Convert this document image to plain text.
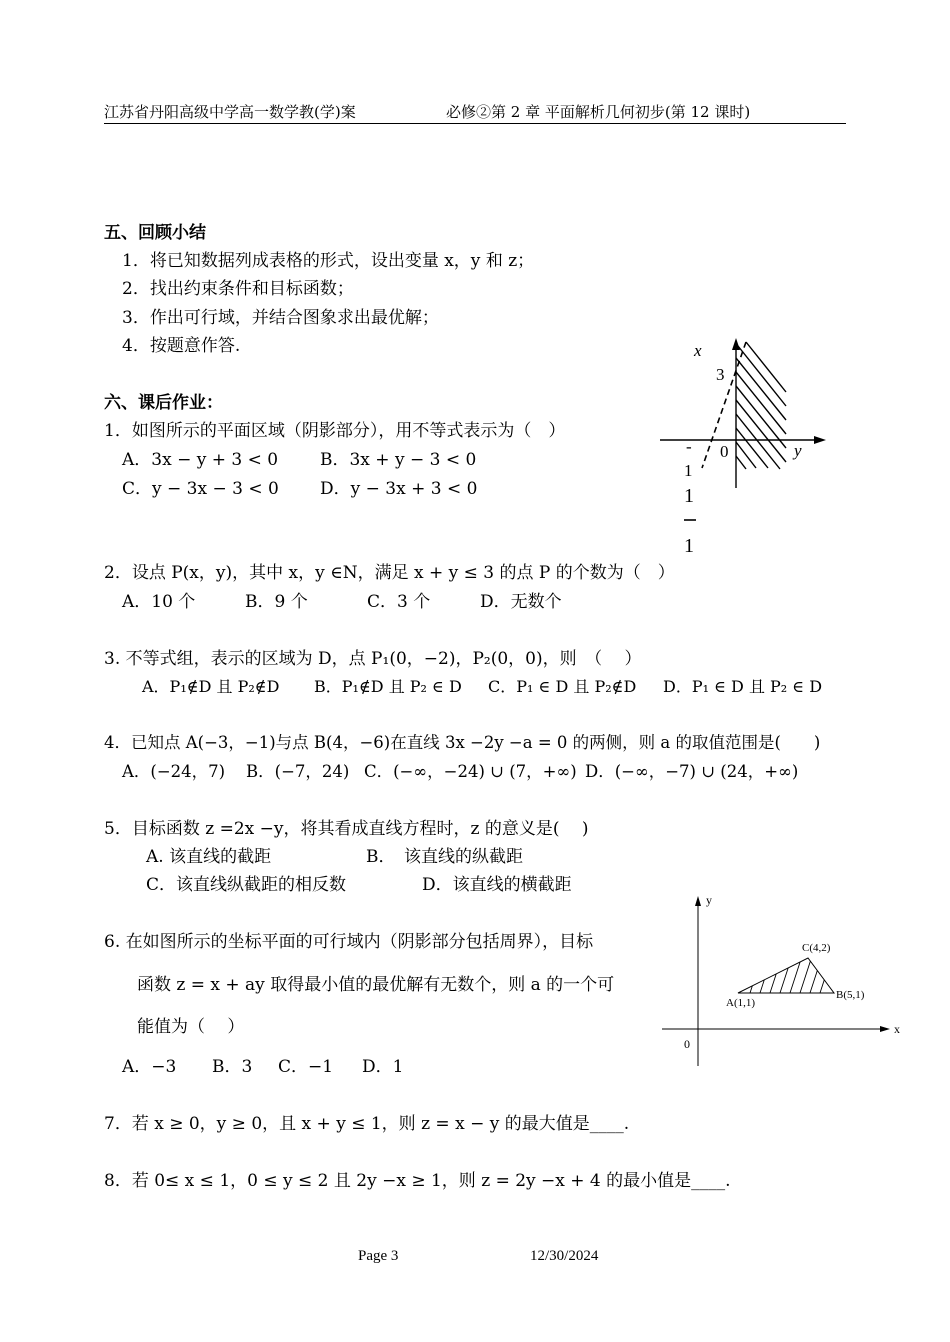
江苏省丹阳高级中学高一数学教(学)案	必修②第 2 章 平面解析几何初步(第 12 课时)
五、回顾小结
1．将已知数据列成表格的形式，设出变量 x，y 和 z；
2．找出约束条件和目标函数；
3．作出可行域，并结合图象求出最优解；
4．按题意作答.
六、课后作业：
1．如图所示的平面区域（阴影部分），用不等式表示为（　）
A．3x − y + 3 < 0 B．3x + y − 3 < 0
C．y − 3x − 3 < 0 D．y − 3x + 3 < 0
x
3
y
0
-
1
1
1
2．设点 P(x，y)，其中 x，y ∈N，满足 x + y ≤ 3 的点 P 的个数为（　）
A．10 个	B．9 个	C．3 个	D．无数个
3. 不等式组，表示的区域为 D，点 P₁(0，−2)，P₂(0，0)，则　（　 ）
A．P₁∉D 且 P₂∉D B．P₁∉D 且 P₂ ∈ D C．P₁ ∈ D 且 P₂∉D D．P₁ ∈ D 且 P₂ ∈ D
4．已知点 A(−3，−1)与点 B(4，−6)在直线 3x −2y −a = 0 的两侧，则 a 的取值范围是(　　)
A．(−24，7) B．(−7，24) C．(−∞，−24) ∪ (7，+∞) D．(−∞，−7) ∪ (24，+∞)
5．目标函数 z =2x −y，将其看成直线方程时，z 的意义是(　 )
A. 该直线的截距	B．　该直线的纵截距
C．该直线纵截距的相反数	D．该直线的横截距
6. 在如图所示的坐标平面的可行域内（阴影部分包括周界），目标
函数 z = x + ay 取得最小值的最优解有无数个，则 a 的一个可
能值为（　 ）
A．−3 B．3 C．−1 D．1
y
x
0
A(1,1)
B(5,1)
C(4,2)
7．若 x ≥ 0，y ≥ 0，且 x + y ≤ 1，则 z = x − y 的最大值是____.
8．若 0≤ x ≤ 1，0 ≤ y ≤ 2 且 2y −x ≥ 1，则 z = 2y −x + 4 的最小值是____.
Page 3	12/30/2024
